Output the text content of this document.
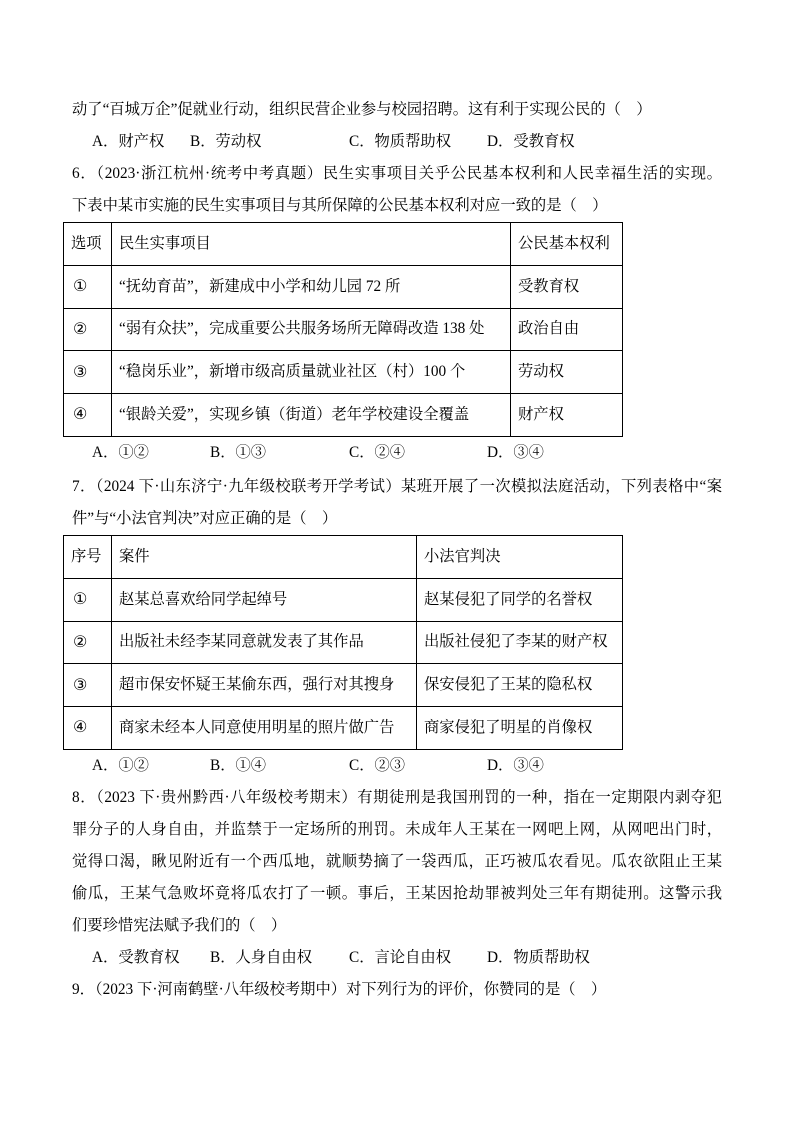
动了“百城万企”促就业行动，组织民营企业参与校园招聘。这有利于实现公民的（    ）
A．财产权 B．劳动权	C．物质帮助权 D．受教育权
6．（2023·浙江杭州·统考中考真题）民生实事项目关乎公民基本权利和人民幸福生活的实现。
下表中某市实施的民生实事项目与其所保障的公民基本权利对应一致的是（    ）
选项	民生实事项目	公民基本权利
①	“抚幼育苗”，新建成中小学和幼儿园 72 所	受教育权
②	“弱有众扶”，完成重要公共服务场所无障碍改造 138 处	政治自由
③	“稳岗乐业”，新增市级高质量就业社区（村）100 个	劳动权
④	“银龄关爱”，实现乡镇（街道）老年学校建设全覆盖	财产权
A．①②	B．①③	C．②④	D．③④
7．（2024 下·山东济宁·九年级校联考开学考试）某班开展了一次模拟法庭活动，下列表格中“案
件”与“小法官判决”对应正确的是（    ）
序号	案件	小法官判决
①	赵某总喜欢给同学起绰号	赵某侵犯了同学的名誉权
②	出版社未经李某同意就发表了其作品	出版社侵犯了李某的财产权
③	超市保安怀疑王某偷东西，强行对其搜身	保安侵犯了王某的隐私权
④	商家未经本人同意使用明星的照片做广告	商家侵犯了明星的肖像权
A．①②	B．①④	C．②③	D．③④
8．（2023 下·贵州黔西·八年级校考期末）有期徒刑是我国刑罚的一种，指在一定期限内剥夺犯
罪分子的人身自由，并监禁于一定场所的刑罚。未成年人王某在一网吧上网，从网吧出门时，
觉得口渴，瞅见附近有一个西瓜地，就顺势摘了一袋西瓜，正巧被瓜农看见。瓜农欲阻止王某
偷瓜，王某气急败坏竟将瓜农打了一顿。事后，王某因抢劫罪被判处三年有期徒刑。这警示我
们要珍惜宪法赋予我们的（    ）
A．受教育权 B．人身自由权 C．言论自由权 D．物质帮助权
9．（2023 下·河南鹤壁·八年级校考期中）对下列行为的评价，你赞同的是（    ）
